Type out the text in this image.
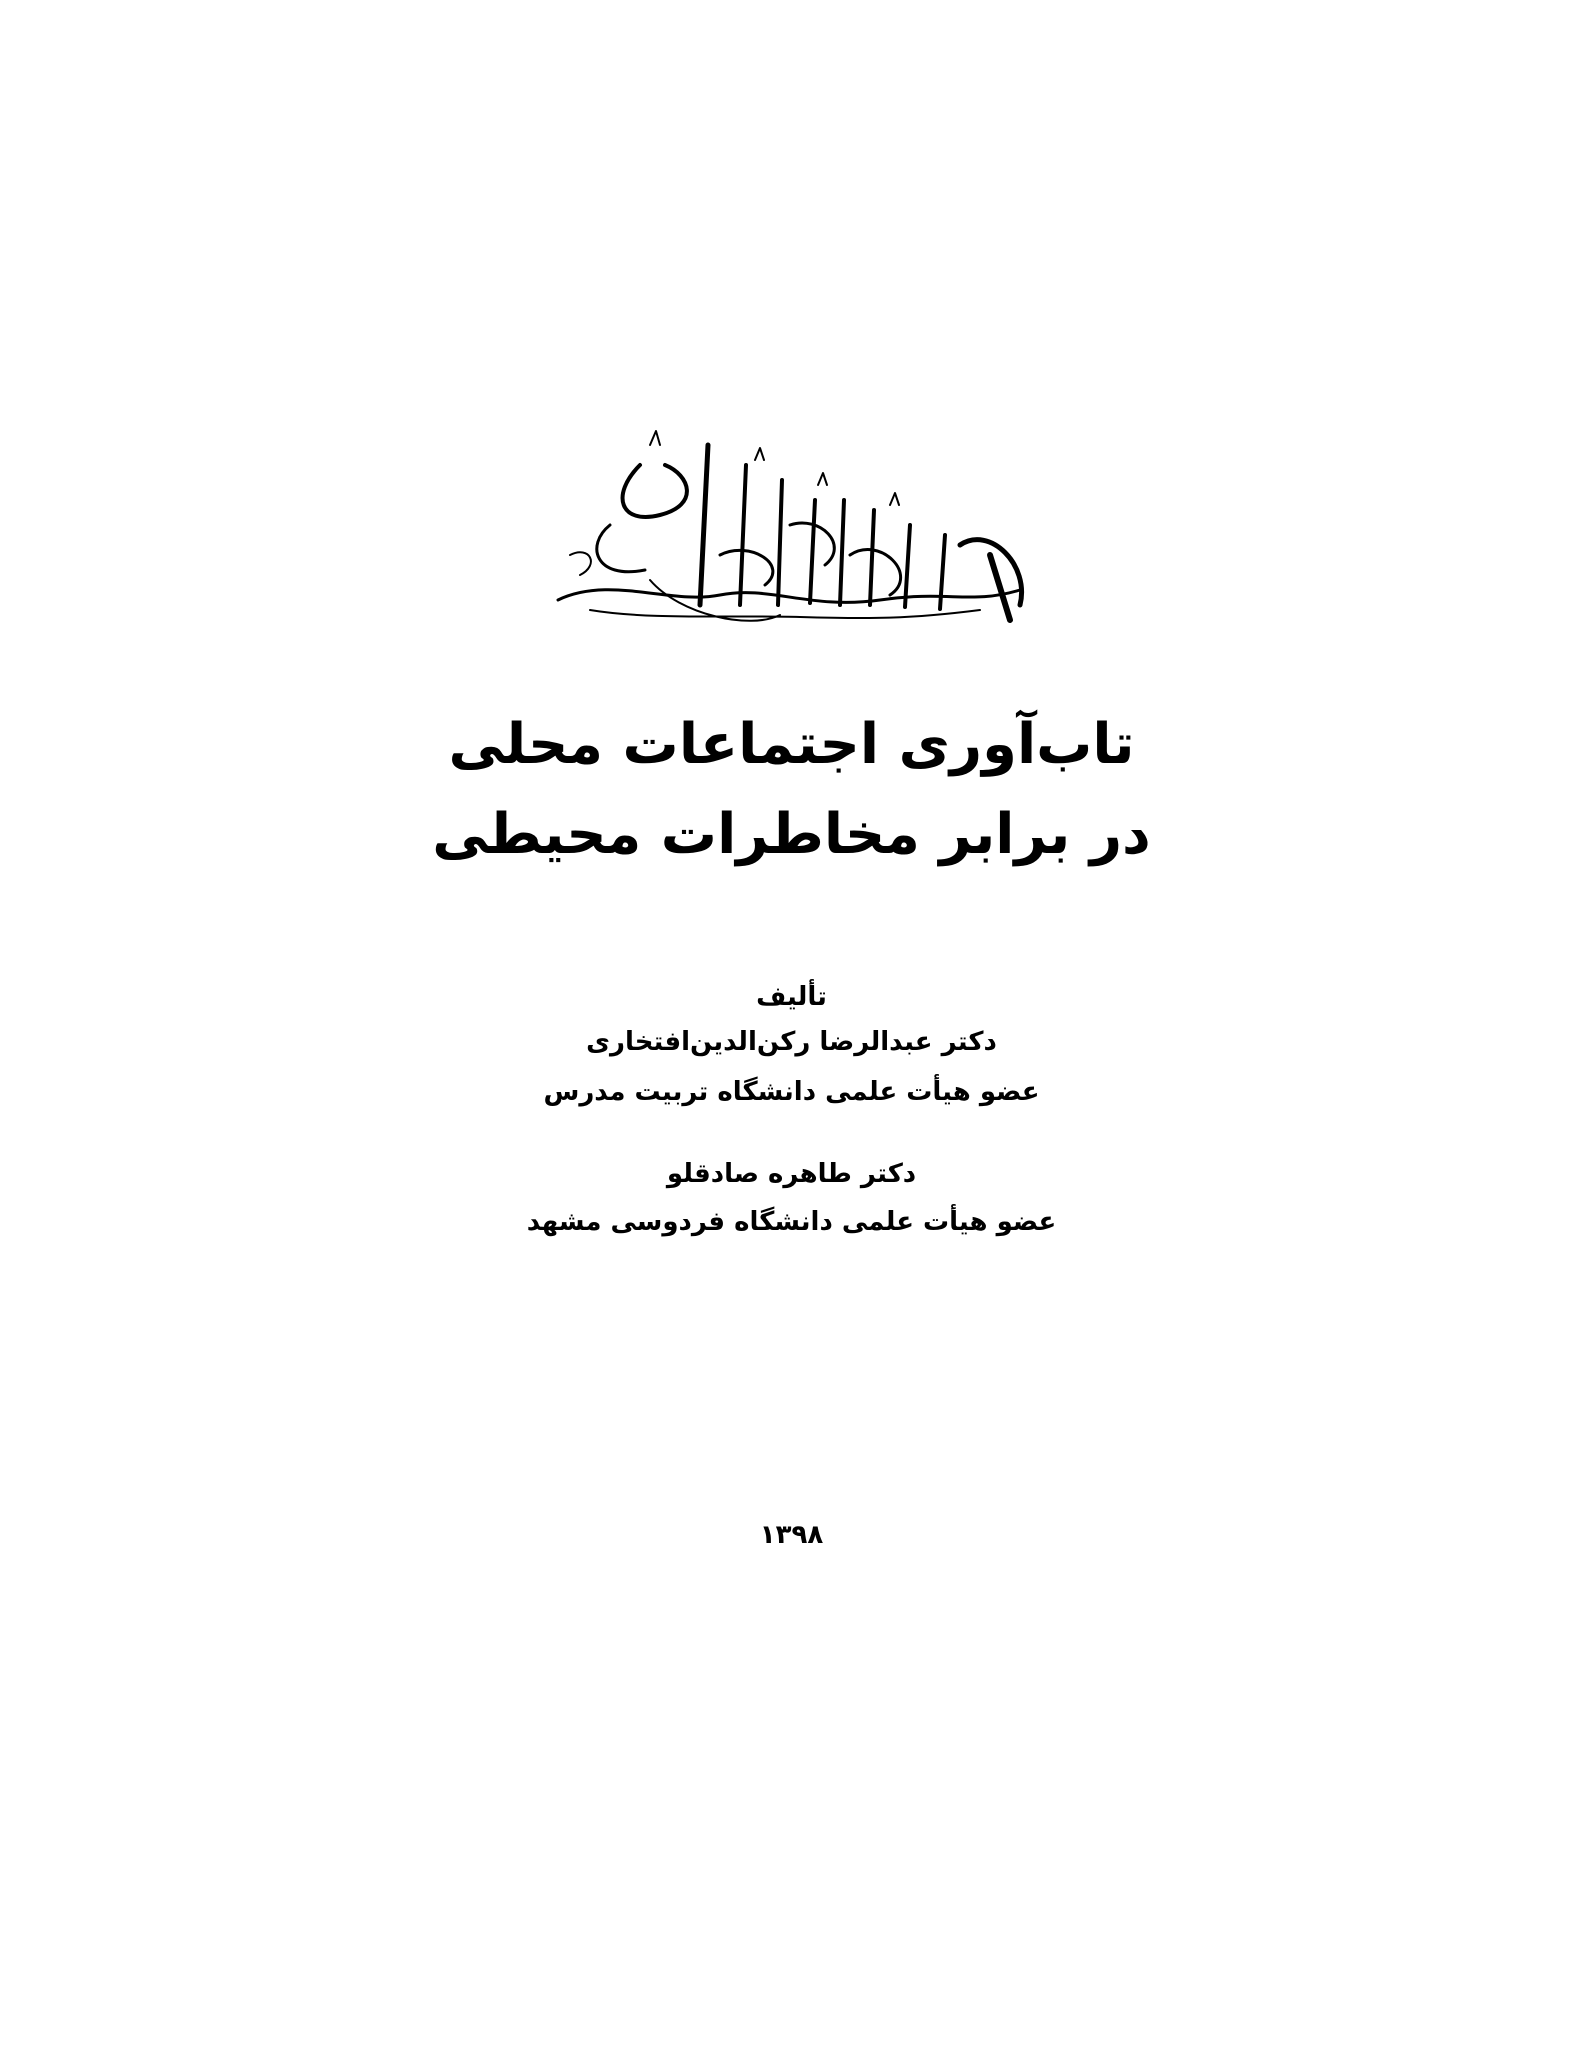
تاب‌آوری اجتماعات محلی
در برابر مخاطرات محیطی
تألیف
دکتر عبدالرضا رکن‌الدین‌افتخاری
عضو هیأت علمی دانشگاه تربیت مدرس
دکتر طاهره صادقلو
عضو هیأت علمی دانشگاه فردوسی مشهد
۱۳۹۸
